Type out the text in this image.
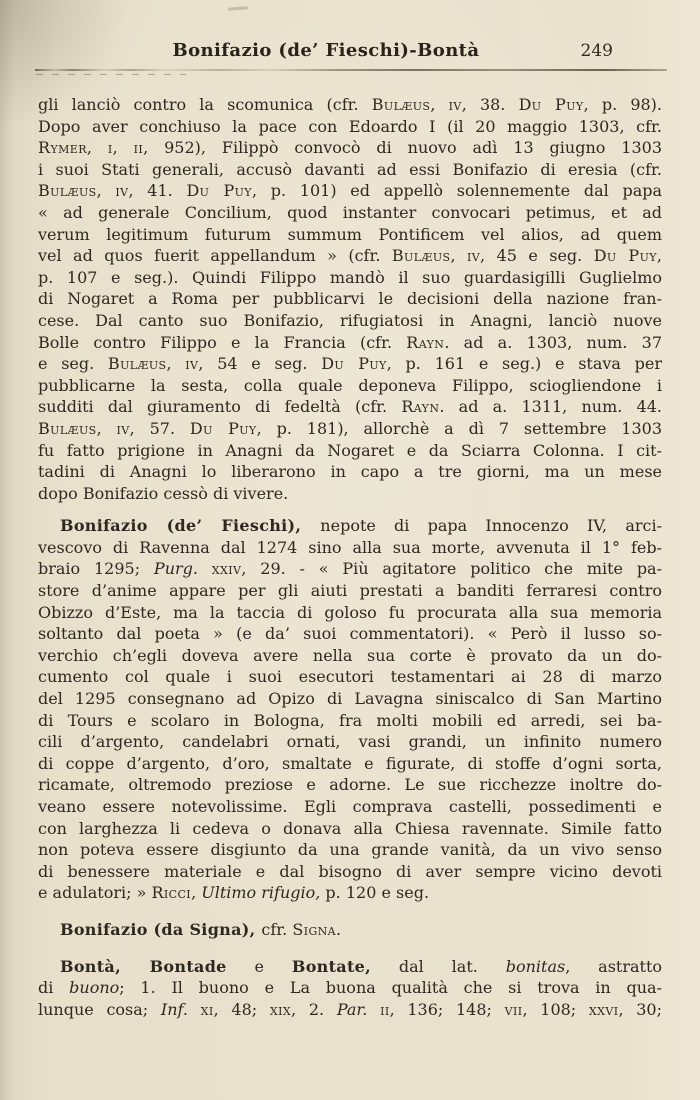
Bonifazio (de’ Fieschi)-Bontà	249
gli lanciò contro la scomunica (cfr. Bulæus, iv, 38. Du Puy, p. 98).
Dopo aver conchiuso la pace con Edoardo I (il 20 maggio 1303, cfr.
Rymer, i, ii, 952), Filippò convocò di nuovo adì 13 giugno 1303
i suoi Stati generali, accusò davanti ad essi Bonifazio di eresia (cfr.
Bulæus, iv, 41. Du Puy, p. 101) ed appellò solennemente dal papa
« ad generale Concilium, quod instanter convocari petimus, et ad
verum legitimum futurum summum Pontificem vel alios, ad quem
vel ad quos fuerit appellandum » (cfr. Bulæus, iv, 45 e seg. Du Puy,
p. 107 e seg.). Quindi Filippo mandò il suo guardasigilli Guglielmo
di Nogaret a Roma per pubblicarvi le decisioni della nazione fran-
cese. Dal canto suo Bonifazio, rifugiatosi in Anagni, lanciò nuove
Bolle contro Filippo e la Francia (cfr. Rayn. ad a. 1303, num. 37
e seg. Bulæus, iv, 54 e seg. Du Puy, p. 161 e seg.) e stava per
pubblicarne la sesta, colla quale deponeva Filippo, sciogliendone i
sudditi dal giuramento di fedeltà (cfr. Rayn. ad a. 1311, num. 44.
Bulæus, iv, 57. Du Puy, p. 181), allorchè a dì 7 settembre 1303
fu fatto prigione in Anagni da Nogaret e da Sciarra Colonna. I cit-
tadini di Anagni lo liberarono in capo a tre giorni, ma un mese
dopo Bonifazio cessò di vivere.
Bonifazio (de’ Fieschi), nepote di papa Innocenzo IV, arci-
vescovo di Ravenna dal 1274 sino alla sua morte, avvenuta il 1° feb-
braio 1295; Purg. xxiv, 29. - « Più agitatore politico che mite pa-
store d’anime appare per gli aiuti prestati a banditi ferraresi contro
Obizzo d’Este, ma la taccia di goloso fu procurata alla sua memoria
soltanto dal poeta » (e da’ suoi commentatori). « Però il lusso so-
verchio ch’egli doveva avere nella sua corte è provato da un do-
cumento col quale i suoi esecutori testamentari ai 28 di marzo
del 1295 consegnano ad Opizo di Lavagna siniscalco di San Martino
di Tours e scolaro in Bologna, fra molti mobili ed arredi, sei ba-
cili d’argento, candelabri ornati, vasi grandi, un infinito numero
di coppe d’argento, d’oro, smaltate e figurate, di stoffe d’ogni sorta,
ricamate, oltremodo preziose e adorne. Le sue ricchezze inoltre do-
veano essere notevolissime. Egli comprava castelli, possedimenti e
con larghezza li cedeva o donava alla Chiesa ravennate. Simile fatto
non poteva essere disgiunto da una grande vanità, da un vivo senso
di benessere materiale e dal bisogno di aver sempre vicino devoti
e adulatori; » Ricci, Ultimo rifugio, p. 120 e seg.
Bonifazio (da Signa), cfr. Signa.
Bontà, Bontade e Bontate, dal lat. bonitas, astratto
di buono; 1. Il buono e La buona qualità che si trova in qua-
lunque cosa; Inf. xi, 48; xix, 2. Par. ii, 136; 148; vii, 108; xxvi, 30;
